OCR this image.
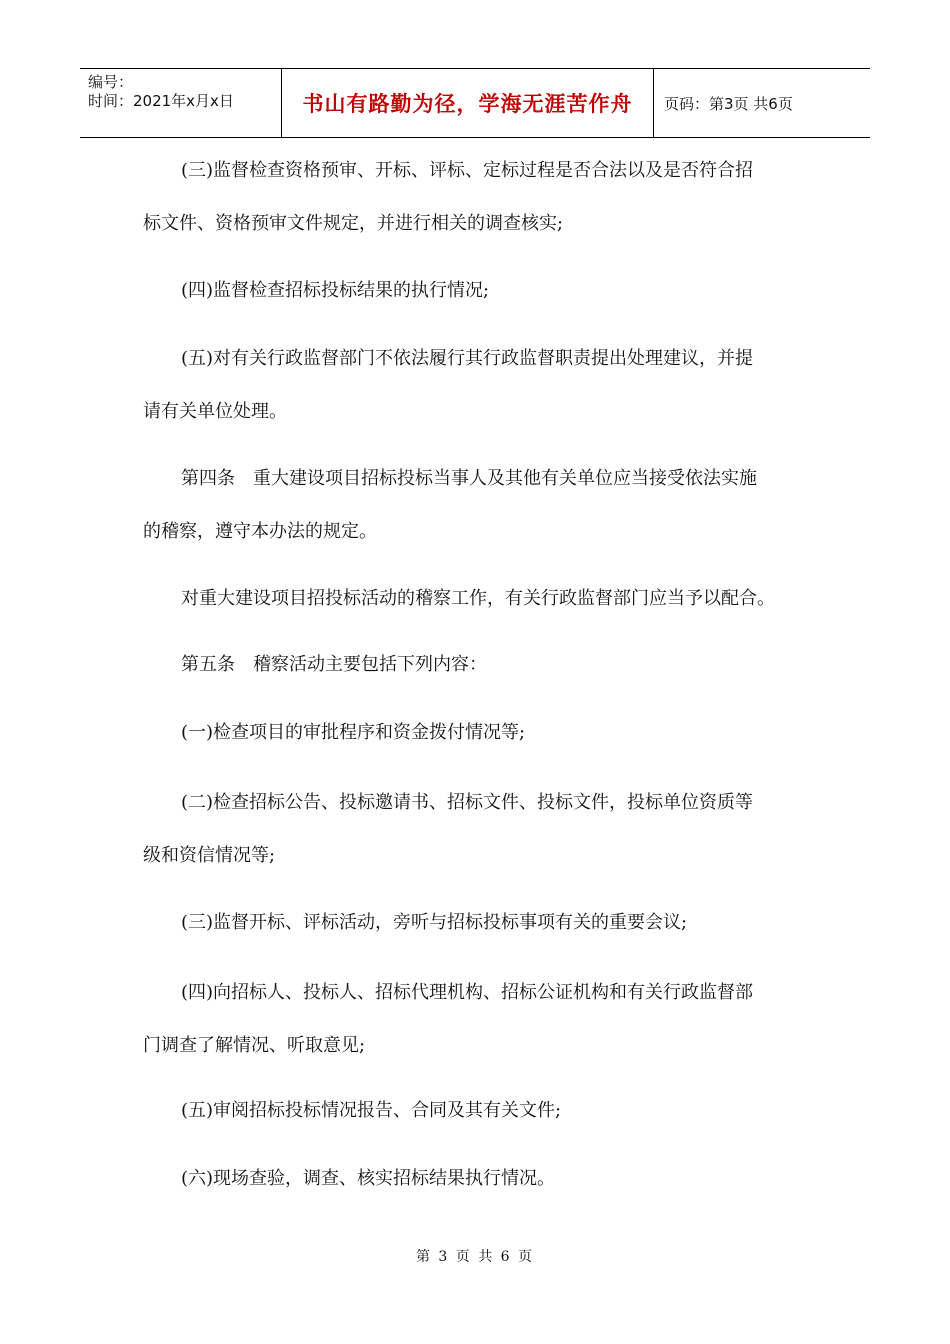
编号：
时间：2021年x月x日	书山有路勤为径，学海无涯苦作舟 页码：第3页 共6页

(三)监督检查资格预审、开标、评标、定标过程是否合法以及是否符合招
标文件、资格预审文件规定，并进行相关的调查核实;

(四)监督检查招标投标结果的执行情况;

(五)对有关行政监督部门不依法履行其行政监督职责提出处理建议，并提
请有关单位处理。

第四条　重大建设项目招标投标当事人及其他有关单位应当接受依法实施
的稽察，遵守本办法的规定。

对重大建设项目招投标活动的稽察工作，有关行政监督部门应当予以配合。

第五条　稽察活动主要包括下列内容：

(一)检查项目的审批程序和资金拨付情况等;

(二)检查招标公告、投标邀请书、招标文件、投标文件，投标单位资质等
级和资信情况等;

(三)监督开标、评标活动，旁听与招标投标事项有关的重要会议;

(四)向招标人、投标人、招标代理机构、招标公证机构和有关行政监督部
门调查了解情况、听取意见;

(五)审阅招标投标情况报告、合同及其有关文件;

(六)现场查验，调查、核实招标结果执行情况。

第 3 页 共 6 页
